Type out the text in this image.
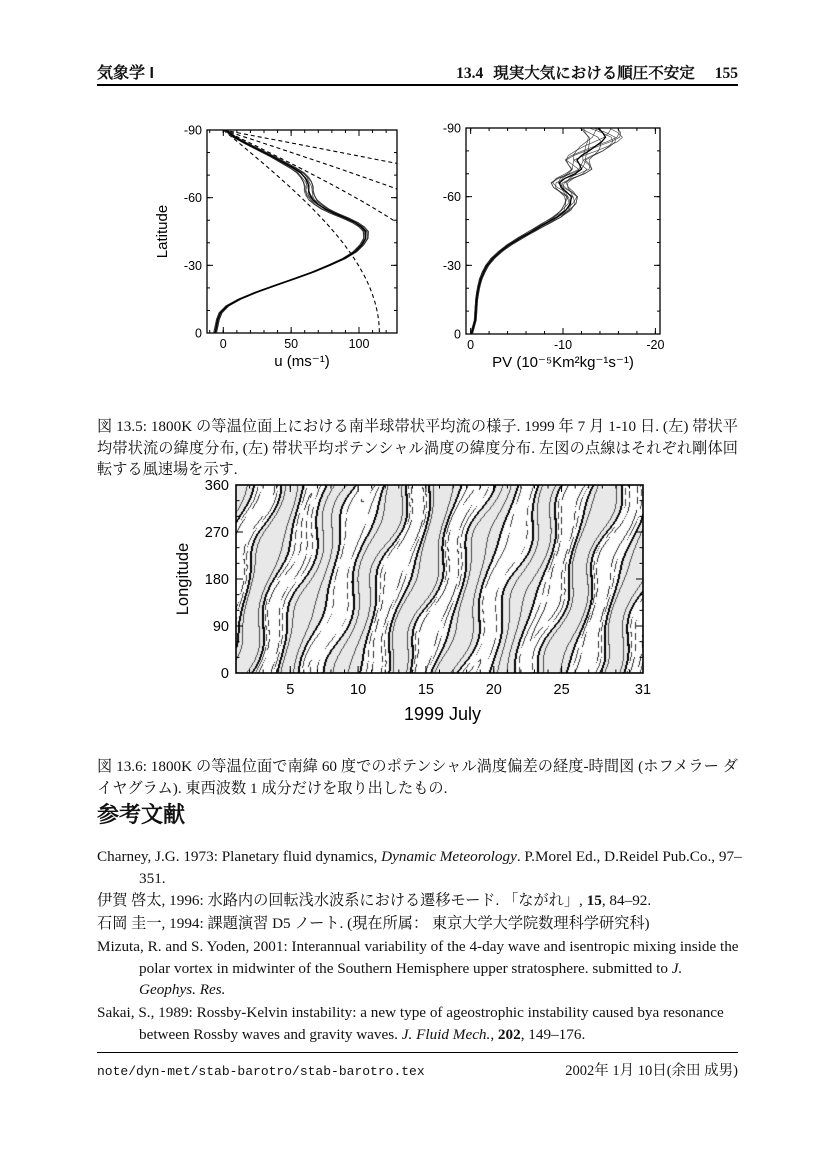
気象学 I	13.4 現実大気における順圧不安定 155
0	50	100
-90
-60
-30
0
u (ms⁻¹)
Latitude
0	-10	-20
-90
-60
-30
0
PV (10⁻⁵Km²kg⁻¹s⁻¹)

図 13.5: 1800K の等温位面上における南半球帯状平均流の様子. 1999 年 7 月 1-10 日. (左) 帯状平均帯状流の緯度分布, (左) 帯状平均ポテンシャル渦度の緯度分布. 左図の点線はそれぞれ剛体回転する風速場を示す.

5	10	15	20	25	31
0
90
180
270
360
Longitude
1999 July

図 13.6: 1800K の等温位面で南緯 60 度でのポテンシャル渦度偏差の経度-時間図 (ホフメラー ダイヤグラム). 東西波数 1 成分だけを取り出したもの.

参考文献

Charney, J.G. 1973: Planetary fluid dynamics, Dynamic Meteorology. P.Morel Ed., D.Reidel Pub.Co., 97–351.

伊賀 啓太, 1996: 水路内の回転浅水波系における遷移モード. 「ながれ」, 15, 84–92.

石岡 圭一, 1994: 課題演習 D5 ノート. (現在所属： 東京大学大学院数理科学研究科)

Mizuta, R. and S. Yoden, 2001: Interannual variability of the 4-day wave and isentropic mixing inside the polar vortex in midwinter of the Southern Hemisphere upper stratosphere. submitted to J. Geophys. Res.

Sakai, S., 1989: Rossby-Kelvin instability: a new type of ageostrophic instability caused bya resonance between Rossby waves and gravity waves. J. Fluid Mech., 202, 149–176.

note/dyn-met/stab-barotro/stab-barotro.tex	2002年 1月 10日(余田 成男)
